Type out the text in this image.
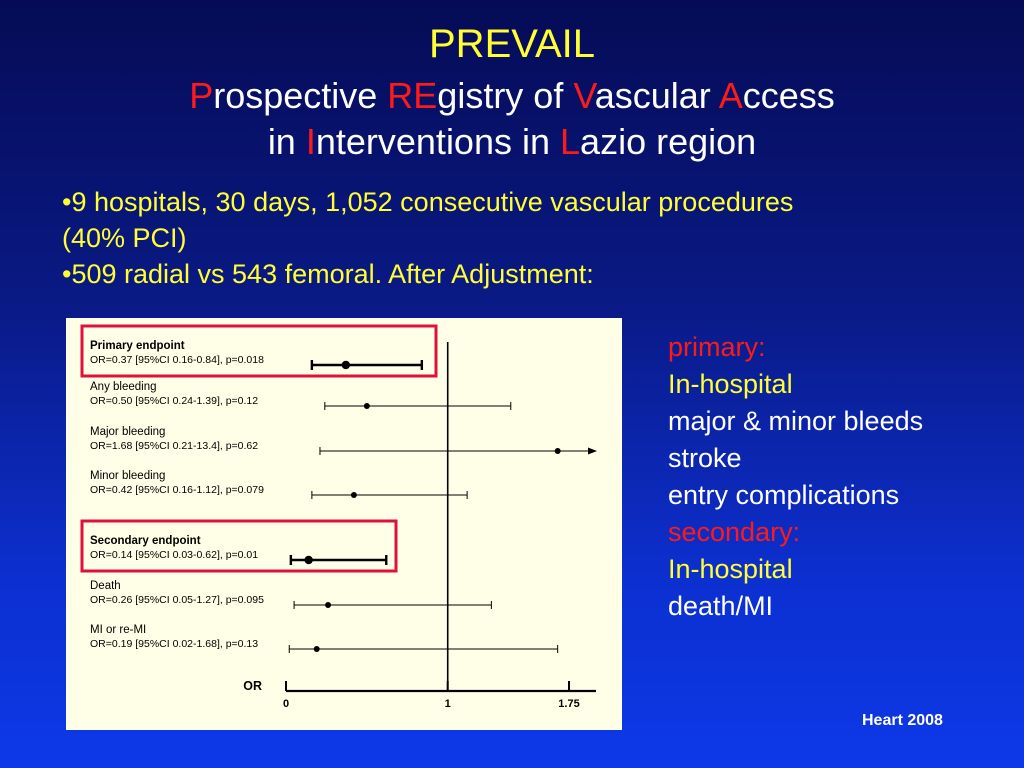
PREVAIL
Prospective REgistry of Vascular Access
in Interventions in Lazio region
•9 hospitals, 30 days, 1,052 consecutive vascular procedures (40% PCI)
•509 radial vs 543 femoral. After Adjustment:
Primary endpoint
OR=0.37 [95%CI 0.16-0.84], p=0.018
Any bleeding
OR=0.50 [95%CI 0.24-1.39], p=0.12
Major bleeding
OR=1.68 [95%CI 0.21-13.4], p=0.62
Minor bleeding
OR=0.42 [95%CI 0.16-1.12], p=0.079
Secondary endpoint
OR=0.14 [95%CI 0.03-0.62], p=0.01
Death
OR=0.26 [95%CI 0.05-1.27], p=0.095
MI or re-MI
OR=0.19 [95%CI 0.02-1.68], p=0.13
0	1	1.75
OR
primary:
In-hospital
major & minor bleeds
stroke
entry complications
secondary:
In-hospital
death/MI
Heart 2008
